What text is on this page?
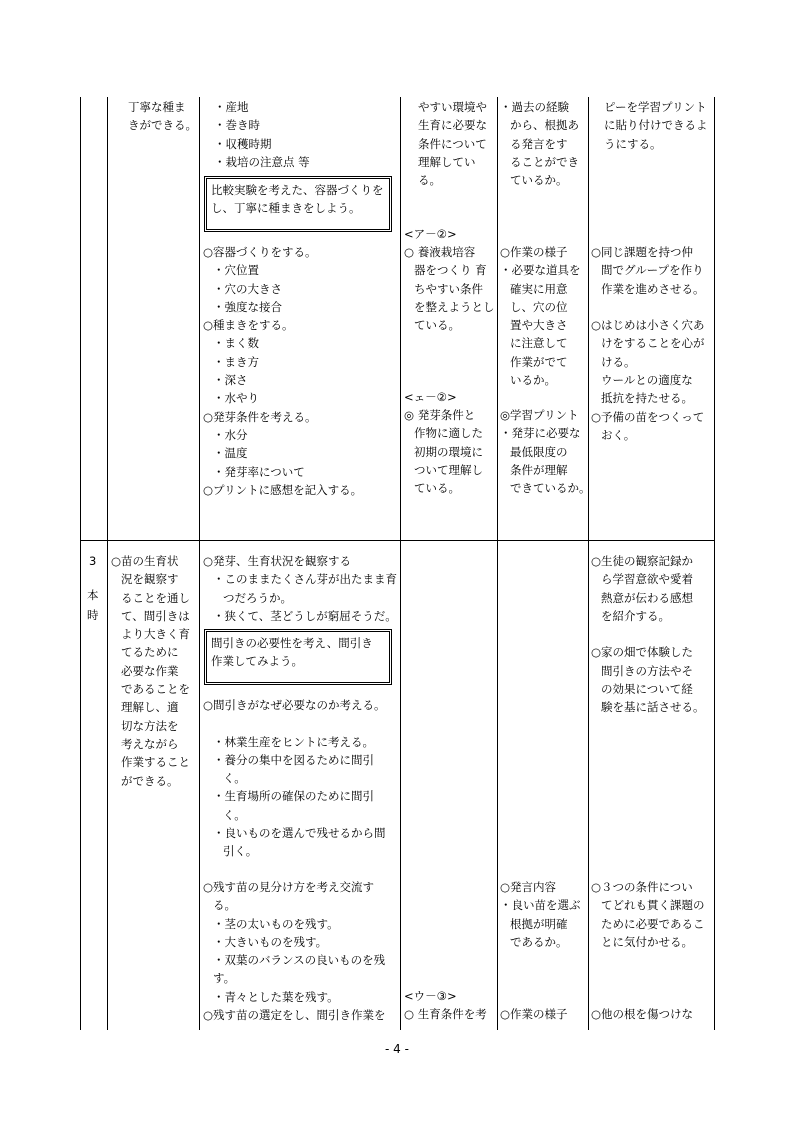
丁寧な種ま
きができる。
・産地
・巻き時
・収穫時期
・栽培の注意点 等
比較実験を考えた、容器づくりを
し、丁寧に種まきをしよう。
○容器づくりをする。
・穴位置
・穴の大きさ
・強度な接合
○種まきをする。
・まく数
・まき方
・深さ
・水やり
○発芽条件を考える。
・水分
・温度
・発芽率について
○プリントに感想を記入する。
やすい環境や
生育に必要な
条件について
理解してい
る。
<ア－②>
○ 養液栽培容
器をつくり 育
ちやすい条件
を整えようとし
ている。
<ェ－②>
◎ 発芽条件と
作物に適した
初期の環境に
ついて理解し
ている。
・過去の経験
から、根拠あ
る発言をす
ることができ
ているか。
○作業の様子
・必要な道具を
確実に用意
し、穴の位
置や大きさ
に注意して
作業がでて
いるか。
◎学習プリント
・発芽に必要な
最低限度の
条件が理解
できているか。
ピーを学習プリント
に貼り付けできるよ
うにする。
○同じ課題を持つ仲
間でグループを作り
作業を進めさせる。

○はじめは小さく穴あ
けをすることを心が
ける。
ウールとの適度な
抵抗を持たせる。
○予備の苗をつくって
おく。
3
本
時
○苗の生育状
況を観察す
ることを通し
て、間引きは
より大きく育
てるために
必要な作業
であることを
理解し、適
切な方法を
考えながら
作業すること
ができる。
○発芽、生育状況を観察する
・このままたくさん芽が出たまま育
つだろうか。
・狭くて、茎どうしが窮屈そうだ。
間引きの必要性を考え、間引き
作業してみよう。
○間引きがなぜ必要なのか考える。

・林業生産をヒントに考える。
・養分の集中を図るために間引
く。
・生育場所の確保のために間引
く。
・良いものを選んで残せるから間
引く。
○残す苗の見分け方を考え交流す
る。
・茎の太いものを残す。
・大きいものを残す。
・双葉のバランスの良いものを残
す。
・青々とした葉を残す。
○残す苗の選定をし、間引き作業を
<ウ－③>
○ 生育条件を考
○発言内容
・良い苗を選ぶ
根拠が明確
であるか。
○作業の様子
○生徒の観察記録か
ら学習意欲や愛着
熱意が伝わる感想
を紹介する。

○家の畑で体験した
間引きの方法やそ
の効果について経
験を基に話させる。
○３つの条件につい
てどれも貫く課題の
ために必要であるこ
とに気付かせる。
○他の根を傷つけな
- 4 -
